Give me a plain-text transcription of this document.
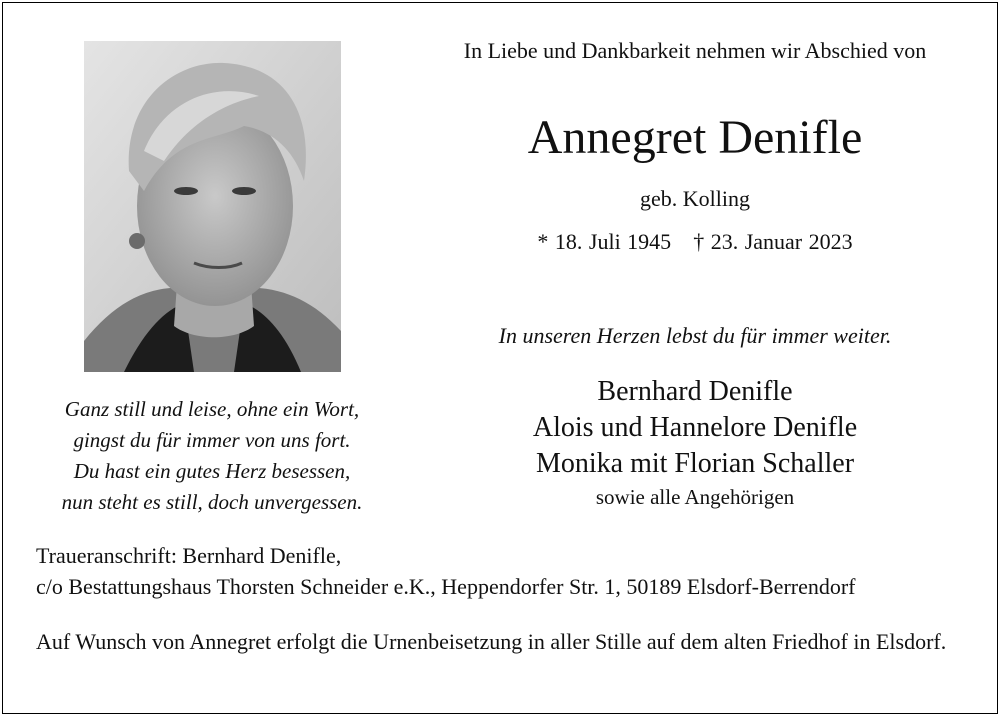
In Liebe und Dankbarkeit nehmen wir Abschied von
Annegret Denifle
geb. Kolling
* 18. Juli 1945 † 23. Januar 2023
In unseren Herzen lebst du für immer weiter.
Bernhard Denifle
Alois und Hannelore Denifle
Monika mit Florian Schaller
sowie alle Angehörigen
Ganz still und leise, ohne ein Wort,
gingst du für immer von uns fort.
Du hast ein gutes Herz besessen,
nun steht es still, doch unvergessen.
Traueranschrift: Bernhard Denifle,
c/o Bestattungshaus Thorsten Schneider e.K., Heppendorfer Str. 1, 50189 Elsdorf-Berrendorf
Auf Wunsch von Annegret erfolgt die Urnenbeisetzung in aller Stille auf dem alten Friedhof in Elsdorf.
